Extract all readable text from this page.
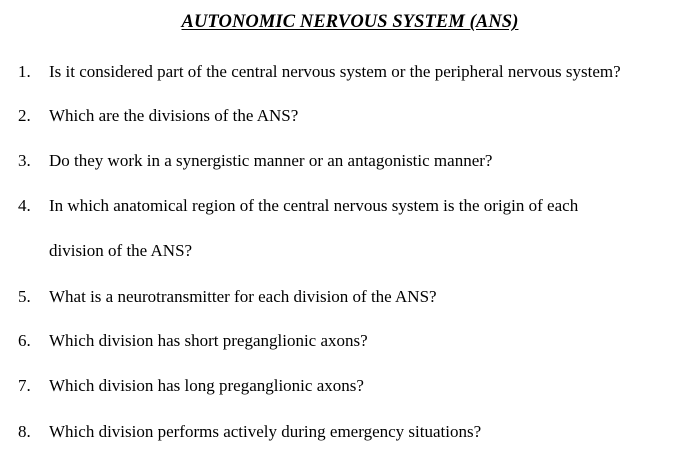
AUTONOMIC NERVOUS SYSTEM (ANS)
1. Is it considered part of the central nervous system or the peripheral nervous system?
2. Which are the divisions of the ANS?
3. Do they work in a synergistic manner or an antagonistic manner?
4. In which anatomical region of the central nervous system is the origin of each
division of the ANS?
5. What is a neurotransmitter for each division of the ANS?
6. Which division has short preganglionic axons?
7. Which division has long preganglionic axons?
8. Which division performs actively during emergency situations?
